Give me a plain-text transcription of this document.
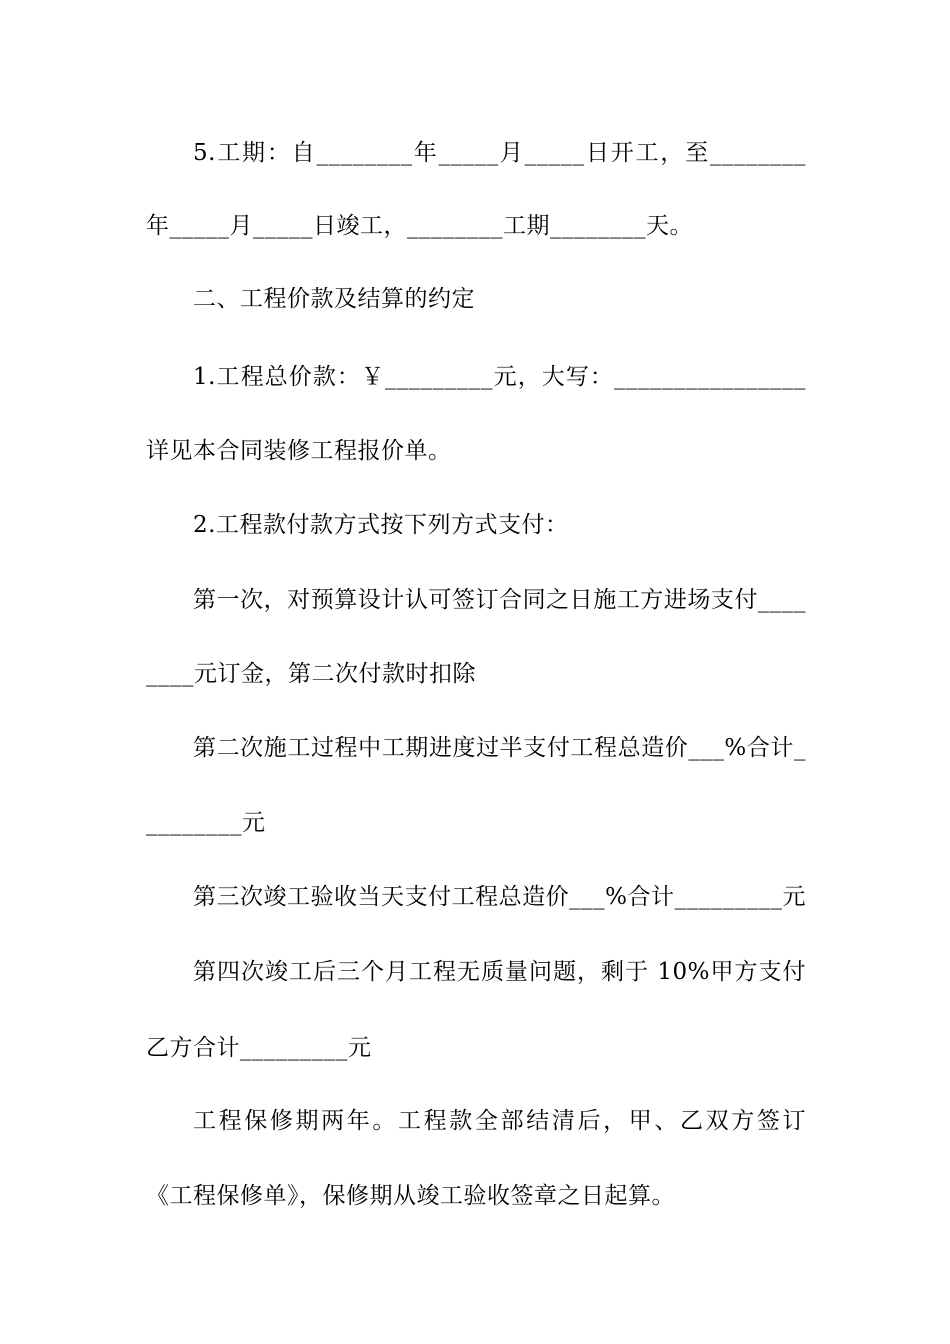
5.工期：自________年_____月_____日开工，至________
年_____月_____日竣工，________工期________天。
二、工程价款及结算的约定
1.工程总价款：￥_________元，大写：________________
详见本合同装修工程报价单。
2.工程款付款方式按下列方式支付：
第一次，对预算设计认可签订合同之日施工方进场支付____
____元订金，第二次付款时扣除
第二次施工过程中工期进度过半支付工程总造价___%合计_
________元
第三次竣工验收当天支付工程总造价___%合计_________元
第四次竣工后三个月工程无质量问题，剩于 10%甲方支付
乙方合计_________元
工程保修期两年。工程款全部结清后，甲、乙双方签订
《工程保修单》，保修期从竣工验收签章之日起算。
